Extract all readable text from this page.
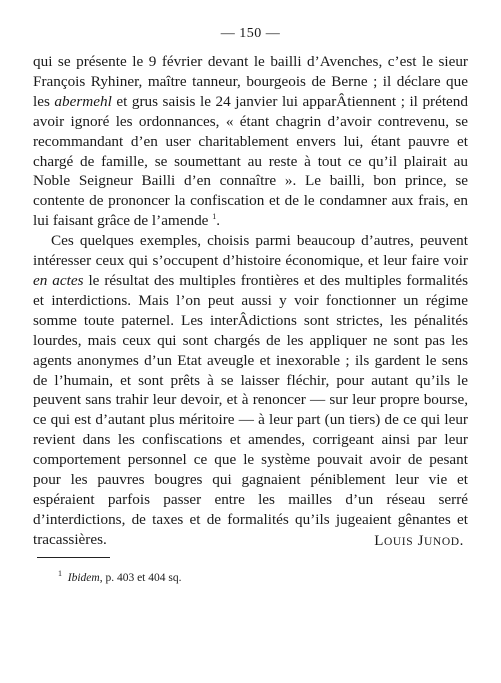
— 150 —

qui se présente le 9 février devant le bailli d’Avenches, c’est le sieur François Ryhiner, maître tanneur, bourgeois de Berne ; il déclare que les abermehl et grus saisis le 24 janvier lui apparÂtiennent ; il prétend avoir ignoré les ordonnances, « étant chagrin d’avoir contrevenu, se recommandant d’en user charitablement envers lui, étant pauvre et chargé de famille, se soumettant au reste à tout ce qu’il plairait au Noble Seigneur Bailli d’en connaître ». Le bailli, bon prince, se contente de prononcer la confiscation et de le condamner aux frais, en lui faisant grâce de l’amende $^1$.

Ces quelques exemples, choisis parmi beaucoup d’autres, peuvent intéresser ceux qui s’occupent d’histoire économique, et leur faire voir en actes le résultat des multiples frontières et des multiples formalités et interdictions. Mais l’on peut aussi y voir fonctionner un régime somme toute paternel. Les interÂdictions sont strictes, les pénalités lourdes, mais ceux qui sont chargés de les appliquer ne sont pas les agents anonymes d’un Etat aveugle et inexorable ; ils gardent le sens de l’humain, et sont prêts à se laisser fléchir, pour autant qu’ils le peuvent sans trahir leur devoir, et à renoncer — sur leur propre bourse, ce qui est d’autant plus méritoire — à leur part (un tiers) de ce qui leur revient dans les confiscations et amendes, corrigeant ainsi par leur comportement personnel ce que le système pouvait avoir de pesant pour les pauvres bougres qui gagnaient péniblement leur vie et espéraient parfois passer entre les mailles d’un réseau serré d’interdictions, de taxes et de formalités qu’ils jugeaient gênantes et tracassières.	LOUIS JUNOD.
$^1$ Ibidem, p. 403 et 404 sq.
